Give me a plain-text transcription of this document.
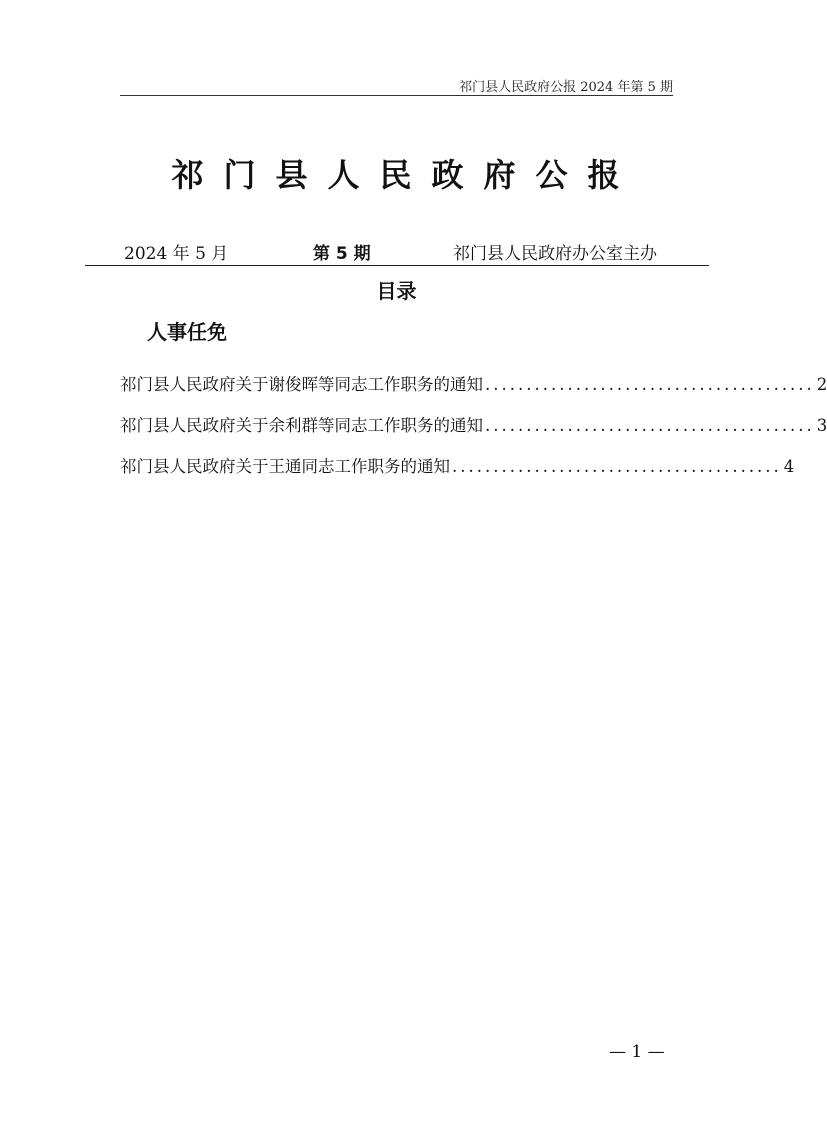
祁门县人民政府公报 2024 年第 5 期
祁门县人民政府公报
2024 年 5 月	第 5 期	祁门县人民政府办公室主办
目录
人事任免
祁门县人民政府关于谢俊晖等同志工作职务的通知 ........................................ 2
祁门县人民政府关于余利群等同志工作职务的通知 ........................................ 3
祁门县人民政府关于王通同志工作职务的通知 ........................................ 4
— 1 —
